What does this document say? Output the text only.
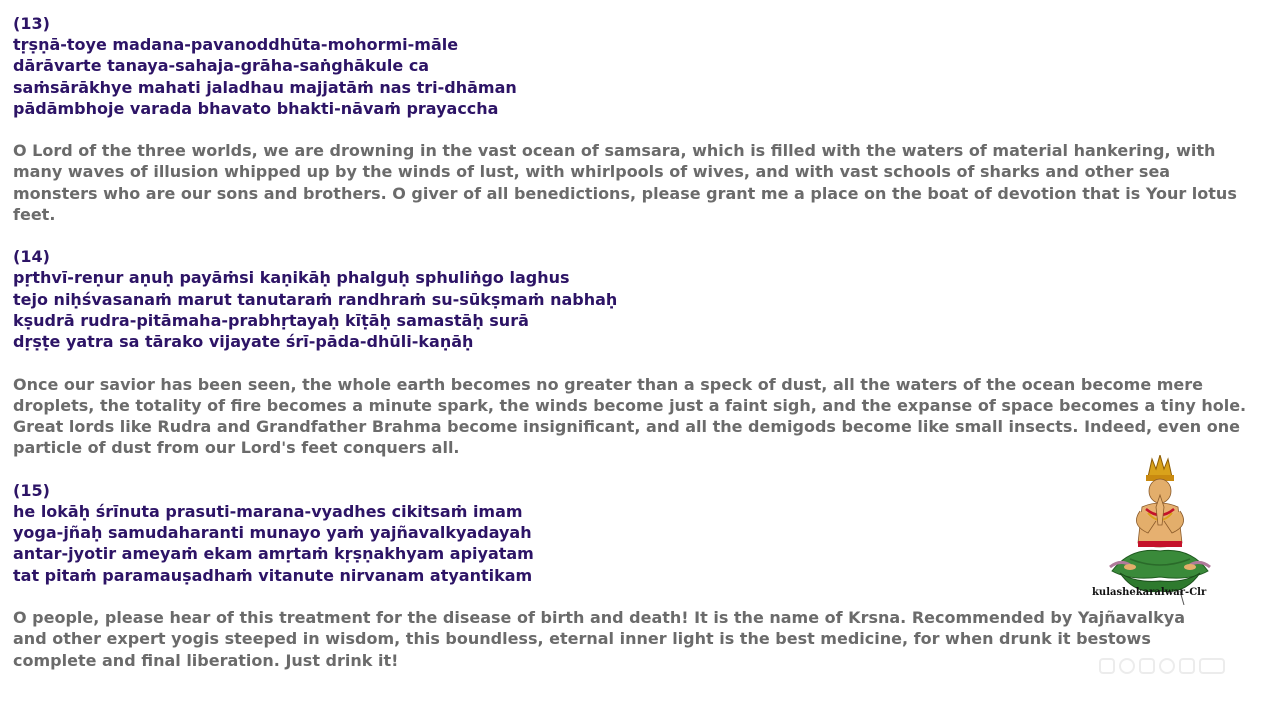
(13)

tṛṣṇā-toye madana-pavanoddhūta-mohormi-māle

dārāvarte tanaya-sahaja-grāha-saṅghākule ca

saṁsārākhye mahati jaladhau majjatāṁ nas tri-dhāman

pādāmbhoje varada bhavato bhakti-nāvaṁ prayaccha

O Lord of the three worlds, we are drowning in the vast ocean of samsara, which is filled with the waters of material hankering, with many waves of illusion whipped up by the winds of lust, with whirlpools of wives, and with vast schools of sharks and other sea monsters who are our sons and brothers. O giver of all benedictions, please grant me a place on the boat of devotion that is Your lotus feet.

(14)

pṛthvī-reṇur aṇuḥ payāṁsi kaṇikāḥ phalguḥ sphuliṅgo laghus

tejo niḥśvasanaṁ marut tanutaraṁ randhraṁ su-sūkṣmaṁ nabhaḥ

kṣudrā rudra-pitāmaha-prabhṛtayaḥ kīṭāḥ samastāḥ surā

dṛṣṭe yatra sa tārako vijayate śrī-pāda-dhūli-kaṇāḥ

Once our savior has been seen, the whole earth becomes no greater than a speck of dust, all the waters of the ocean become mere droplets, the totality of fire becomes a minute spark, the winds become just a faint sigh, and the expanse of space becomes a tiny hole. Great lords like Rudra and Grandfather Brahma become insignificant, and all the demigods become like small insects. Indeed, even one particle of dust from our Lord's feet conquers all.

(15)

he lokāḥ śrīnuta prasuti-marana-vyadhes cikitsaṁ imam

yoga-jñaḥ samudaharanti munayo yaṁ yajñavalkyadayah

antar-jyotir ameyaṁ ekam amṛtaṁ kṛṣṇakhyam apiyatam

tat pitaṁ paramauṣadhaṁ vitanute nirvanam atyantikam

O people, please hear of this treatment for the disease of birth and death! It is the name of Krsna. Recommended by Yajñavalkya and other expert yogis steeped in wisdom, this boundless, eternal inner light is the best medicine, for when drunk it bestows complete and final liberation. Just drink it!

kulashekaralwar-Clr
